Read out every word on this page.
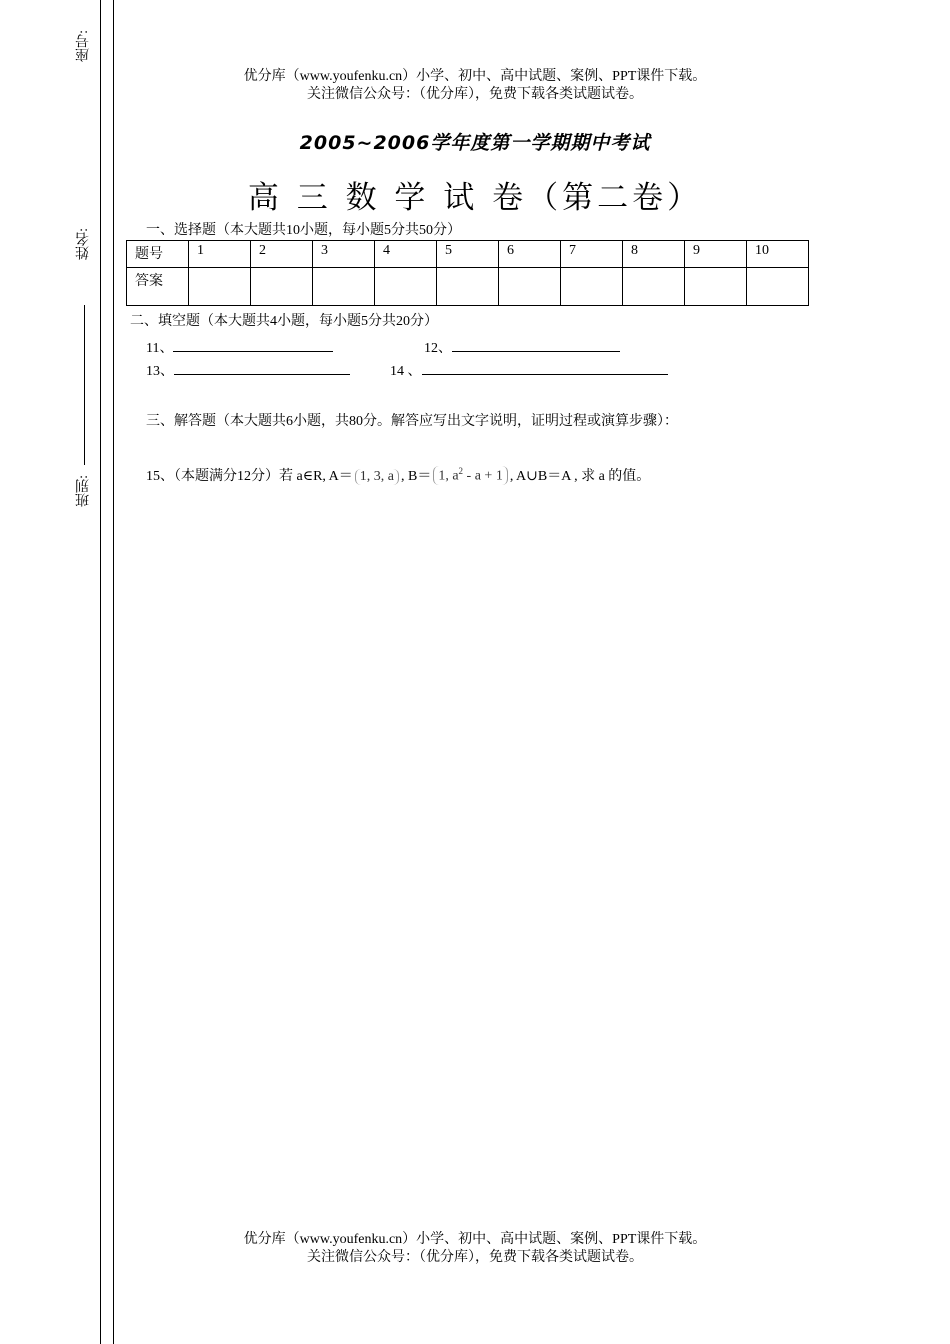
座号:
姓名:
班别:
优分库（www.youfenku.cn）小学、初中、高中试题、案例、PPT课件下载。
关注微信公众号：（优分库），免费下载各类试题试卷。
2005~2006学年度第一学期期中考试
高 三 数 学 试 卷（第二卷）
一、选择题（本大题共10小题，每小题5分共50分）
题号	1	2	3	4	5	6	7	8	9	10
答案										
二、填空题（本大题共4小题，每小题5分共20分）
11、	12、
13、	14 、
三、解答题（本大题共6小题，共80分。解答应写出文字说明，证明过程或演算步骤）：
15、（本题满分12分）若 a∈R, A＝ 1, 3, a , B＝ 1, $a^2 - a + 1$ , A∪B＝A , 求 a 的值。
优分库（www.youfenku.cn）小学、初中、高中试题、案例、PPT课件下载。
关注微信公众号：（优分库），免费下载各类试题试卷。
